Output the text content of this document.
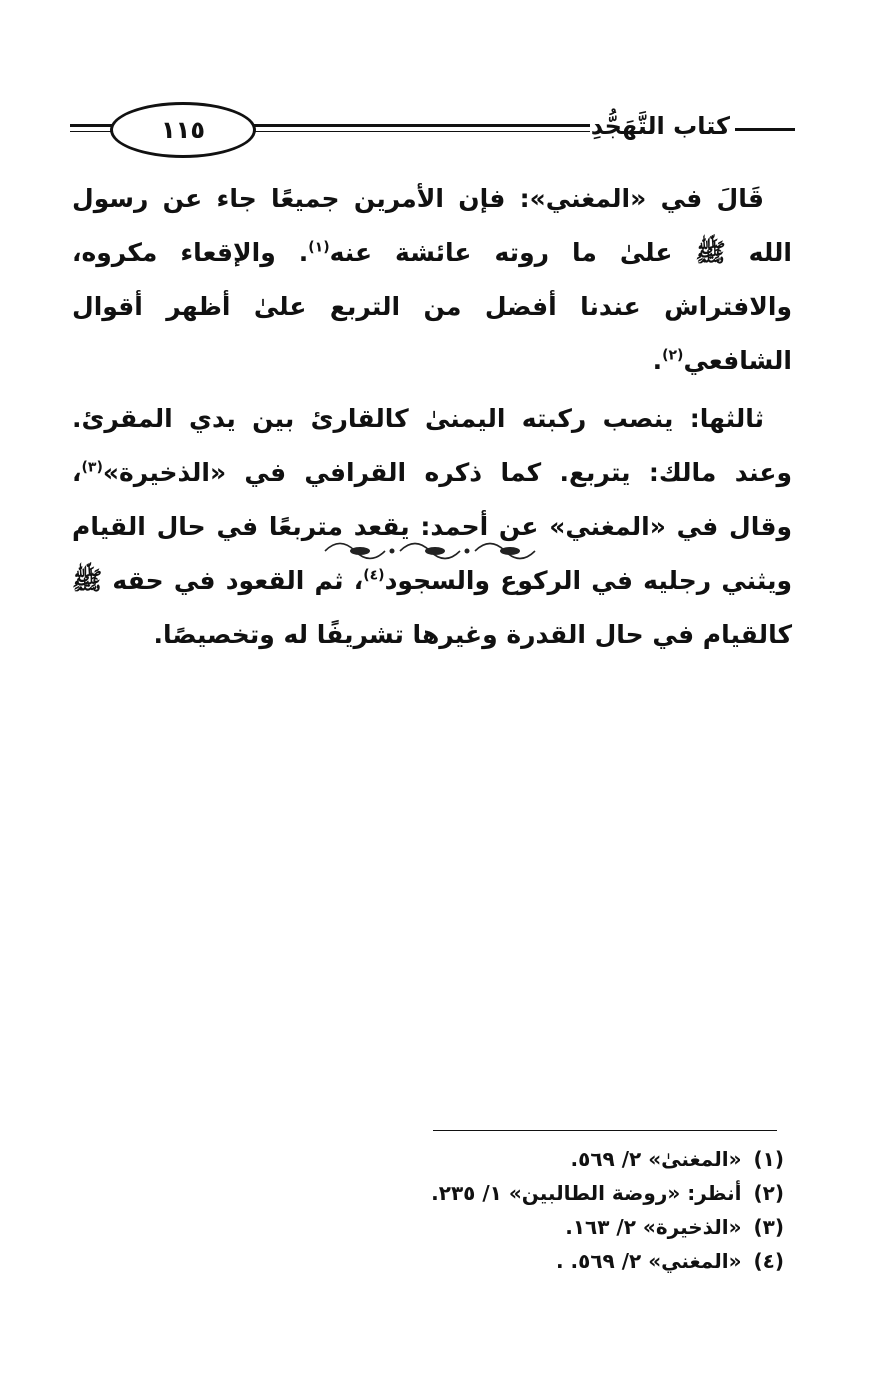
١١٥	كتاب التَّهَجُّدِ

قَالَ في «المغني»: فإن الأمرين جميعًا جاء عن رسول الله ﷺ علىٰ ما روته عائشة عنه$^{(١)}$. والإقعاء مكروه، والافتراش عندنا أفضل من التربع علىٰ أظهر أقوال الشافعي$^{(٢)}$.

ثالثها: ينصب ركبته اليمنىٰ كالقارئ بين يدي المقرئ. وعند مالك: يتربع. كما ذكره القرافي في «الذخيرة»$^{(٣)}$، وقال في «المغني» عن أحمد: يقعد متربعًا في حال القيام ويثني رجليه في الركوع والسجود$^{(٤)}$، ثم القعود في حقه ﷺ كالقيام في حال القدرة وغيرها تشريفًا له وتخصيصًا.

(١)
«المغنىٰ» ٢/ ٥٦٩.
(٢)
أنظر: «روضة الطالبين» ١/ ٢٣٥.
(٣)
«الذخيرة» ٢/ ١٦٣.
(٤)
«المغني» ٢/ ٥٦٩. .
